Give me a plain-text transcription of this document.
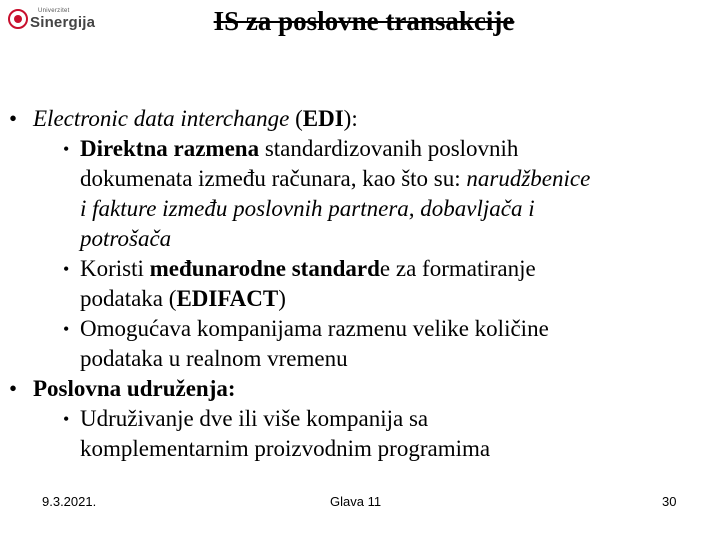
Univerzitet
Sinergija	IS za poslovne transakcije
• Electronic data interchange (EDI):
• Direktna razmena standardizovanih poslovnih
dokumenata između računara, kao što su: narudžbenice
i fakture između poslovnih partnera, dobavljača i
potrošača
• Koristi međunarodne standarde za formatiranje
podataka (EDIFACT)
• Omogućava kompanijama razmenu velike količine
podataka u realnom vremenu
• Poslovna udruženja:
• Udruživanje dve ili više kompanija sa
komplementarnim proizvodnim programima
9.3.2021.	Glava 11	30
